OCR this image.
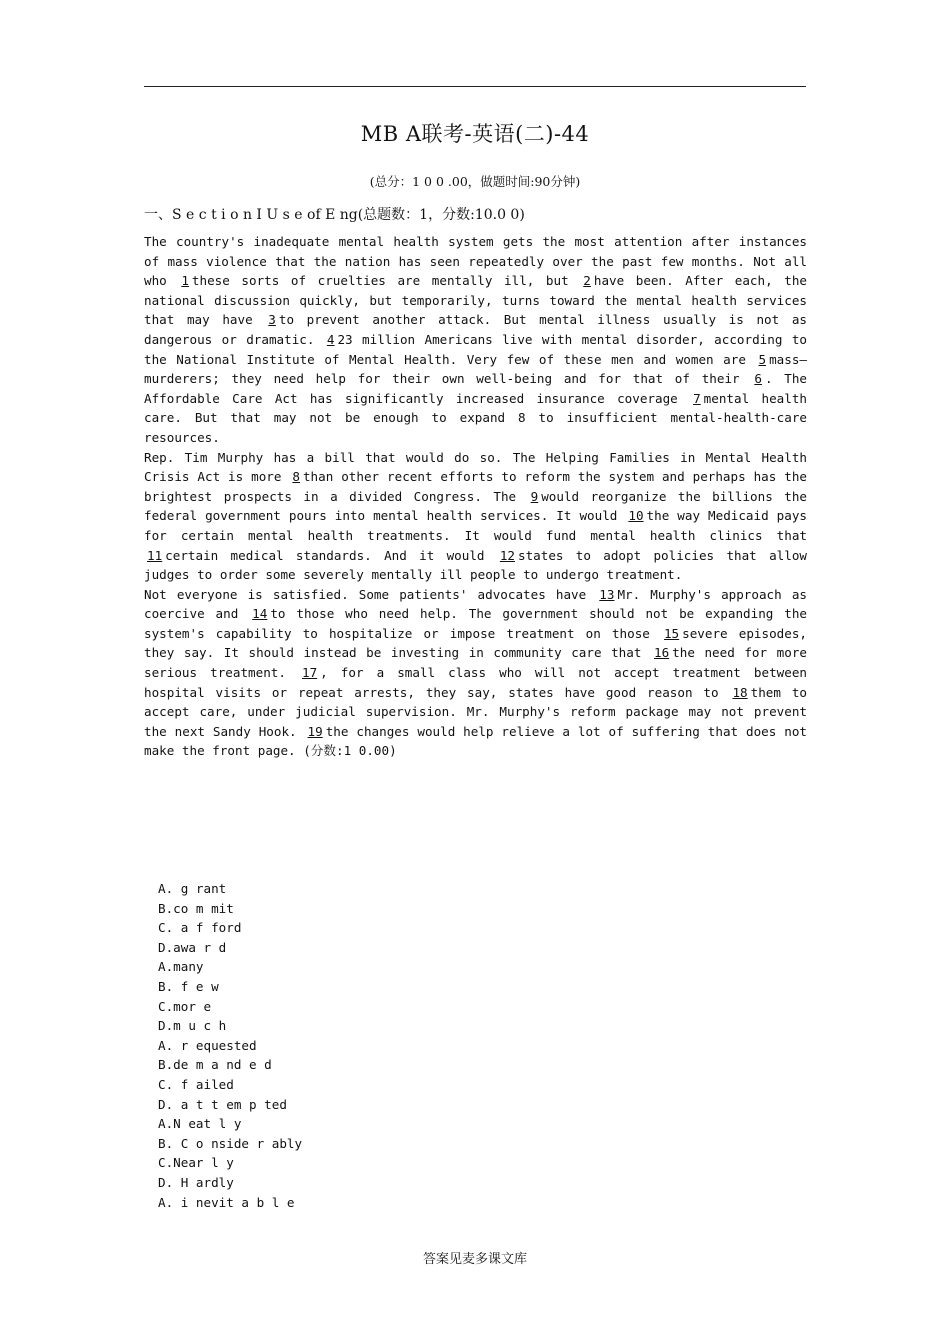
MB A联考-英语(二)-44
(总分：1 0 0 .00，做题时间:90分钟)
一、S e c t i o n Ⅰ U s e of E ng(总题数：1，分数:10.0 0)

The country's inadequate mental health system gets the most attention after instances of mass violence that the nation has seen repeatedly over the past few months. Not all who 1 these sorts of cruelties are mentally ill, but 2 have been. After each, the national discussion quickly, but temporarily, turns toward the mental health services that may have 3 to prevent another attack. But mental illness usually is not as dangerous or dramatic. 4 23 million Americans live with mental disorder, according to the National Institute of Mental Health. Very few of these men and women are 5 mass—murderers; they need help for their own well-being and for that of their 6 . The Affordable Care Act has significantly increased insurance coverage 7 mental health care. But that may not be enough to expand 8 to insufficient mental-health-care resources.

Rep. Tim Murphy has a bill that would do so. The Helping Families in Mental Health Crisis Act is more 8 than other recent efforts to reform the system and perhaps has the brightest prospects in a divided Congress. The 9 would reorganize the billions the federal government pours into mental health services. It would 10 the way Medicaid pays for certain mental health treatments. It would fund mental health clinics that 11 certain medical standards. And it would 12 states to adopt policies that allow judges to order some severely mentally ill people to undergo treatment.

Not everyone is satisfied. Some patients' advocates have 13 Mr. Murphy's approach as coercive and 14 to those who need help. The government should not be expanding the system's capability to hospitalize or impose treatment on those 15 severe episodes, they say. It should instead be investing in community care that 16 the need for more serious treatment. 17 , for a small class who will not accept treatment between hospital visits or repeat arrests, they say, states have good reason to 18 them to accept care, under judicial supervision. Mr. Murphy's reform package may not prevent the next Sandy Hook. 19 the changes would help relieve a lot of suffering that does not make the front page. (分数:1 0.00)

A. g rant
B.co m mit
C. a f ford
D.awa r d
A.many
B. f e w
C.mor e
D.m u c h
A. r equested
B.de m a nd e d
C. f ailed
D. a t t em p ted
A.N eat l y
B. C o nside r ably
C.Near l y
D. H ardly
A. i nevit a b l e
答案见麦多课文库
